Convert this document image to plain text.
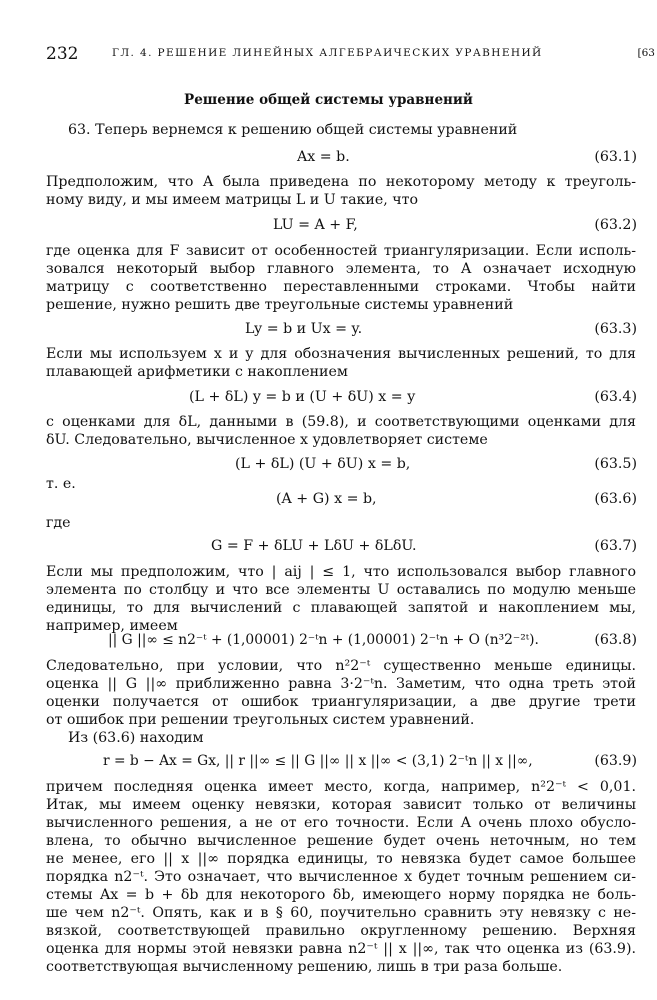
232	ГЛ. 4. РЕШЕНИЕ ЛИНЕЙНЫХ АЛГЕБРАИЧЕСКИХ УРАВНЕНИЙ	[63
Решение общей системы уравнений
63. Теперь вернемся к решению общей системы уравнений
Ax = b.	(63.1)
Предположим, что A была приведена по некоторому методу к треуголь-
ному виду, и мы имеем матрицы L и U такие, что
LU = A + F,	(63.2)
где оценка для F зависит от особенностей триангуляризации. Если исполь-
зовался некоторый выбор главного элемента, то A означает исходную
матрицу с соответственно переставленными строками. Чтобы найти
решение, нужно решить две треугольные системы уравнений
Ly = b и Ux = y.	(63.3)
Если мы используем x и y для обозначения вычисленных решений, то для
плавающей арифметики с накоплением
(L + δL) y = b и (U + δU) x = y	(63.4)
с оценками для δL, данными в (59.8), и соответствующими оценками для
δU. Следовательно, вычисленное x удовлетворяет системе
(L + δL) (U + δU) x = b,	(63.5)
т. е.
(A + G) x = b,	(63.6)
где
G = F + δLU + LδU + δLδU.	(63.7)
Если мы предположим, что | aij | ≤ 1, что использовался выбор главного
элемента по столбцу и что все элементы U оставались по модулю меньше
единицы, то для вычислений с плавающей запятой и накоплением мы,
например, имеем
|| G ||∞ ≤ n2⁻ᵗ + (1,00001) 2⁻ᵗn + (1,00001) 2⁻ᵗn + O (n³2⁻²ᵗ).	(63.8)
Следовательно, при условии, что n²2⁻ᵗ существенно меньше единицы.
оценка || G ||∞ приближенно равна 3·2⁻ᵗn. Заметим, что одна треть этой
оценки получается от ошибок триангуляризации, а две другие трети
от ошибок при решении треугольных систем уравнений.
Из (63.6) находим
r = b − Ax = Gx, || r ||∞ ≤ || G ||∞ || x ||∞ < (3,1) 2⁻ᵗn || x ||∞,	(63.9)
причем последняя оценка имеет место, когда, например, n²2⁻ᵗ < 0,01.
Итак, мы имеем оценку невязки, которая зависит только от величины
вычисленного решения, а не от его точности. Если A очень плохо обусло-
влена, то обычно вычисленное решение будет очень неточным, но тем
не менее, его || x ||∞ порядка единицы, то невязка будет самое большее
порядка n2⁻ᵗ. Это означает, что вычисленное x будет точным решением си-
стемы Ax = b + δb для некоторого δb, имеющего норму порядка не боль-
ше чем n2⁻ᵗ. Опять, как и в § 60, поучительно сравнить эту невязку с не-
вязкой, соответствующей правильно округленному решению. Верхняя
оценка для нормы этой невязки равна n2⁻ᵗ || x ||∞, так что оценка из (63.9).
соответствующая вычисленному решению, лишь в три раза больше.
